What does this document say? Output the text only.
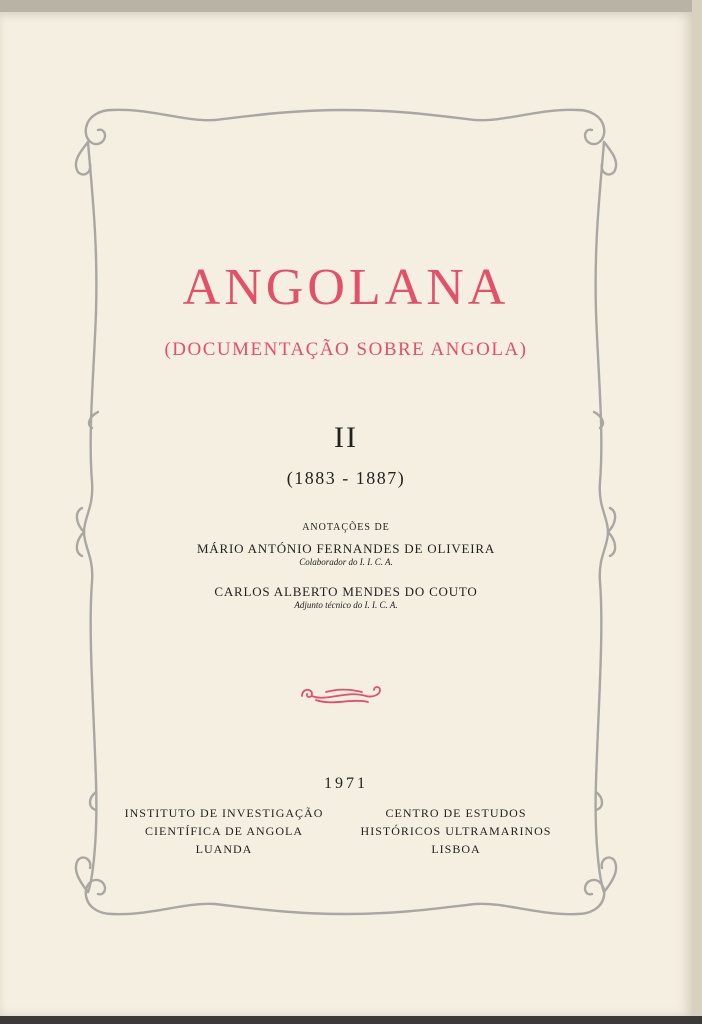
ANGOLANA
(DOCUMENTAÇÃO SOBRE ANGOLA)
II
(1883 - 1887)
ANOTAÇÕES DE
MÁRIO ANTÓNIO FERNANDES DE OLIVEIRA
Colaborador do I. I. C. A.
CARLOS ALBERTO MENDES DO COUTO
Adjunto técnico do I. I. C. A.
1971
INSTITUTO DE INVESTIGAÇÃO
CIENTÍFICA DE ANGOLA
LUANDA
CENTRO DE ESTUDOS
HISTÓRICOS ULTRAMARINOS
LISBOA
